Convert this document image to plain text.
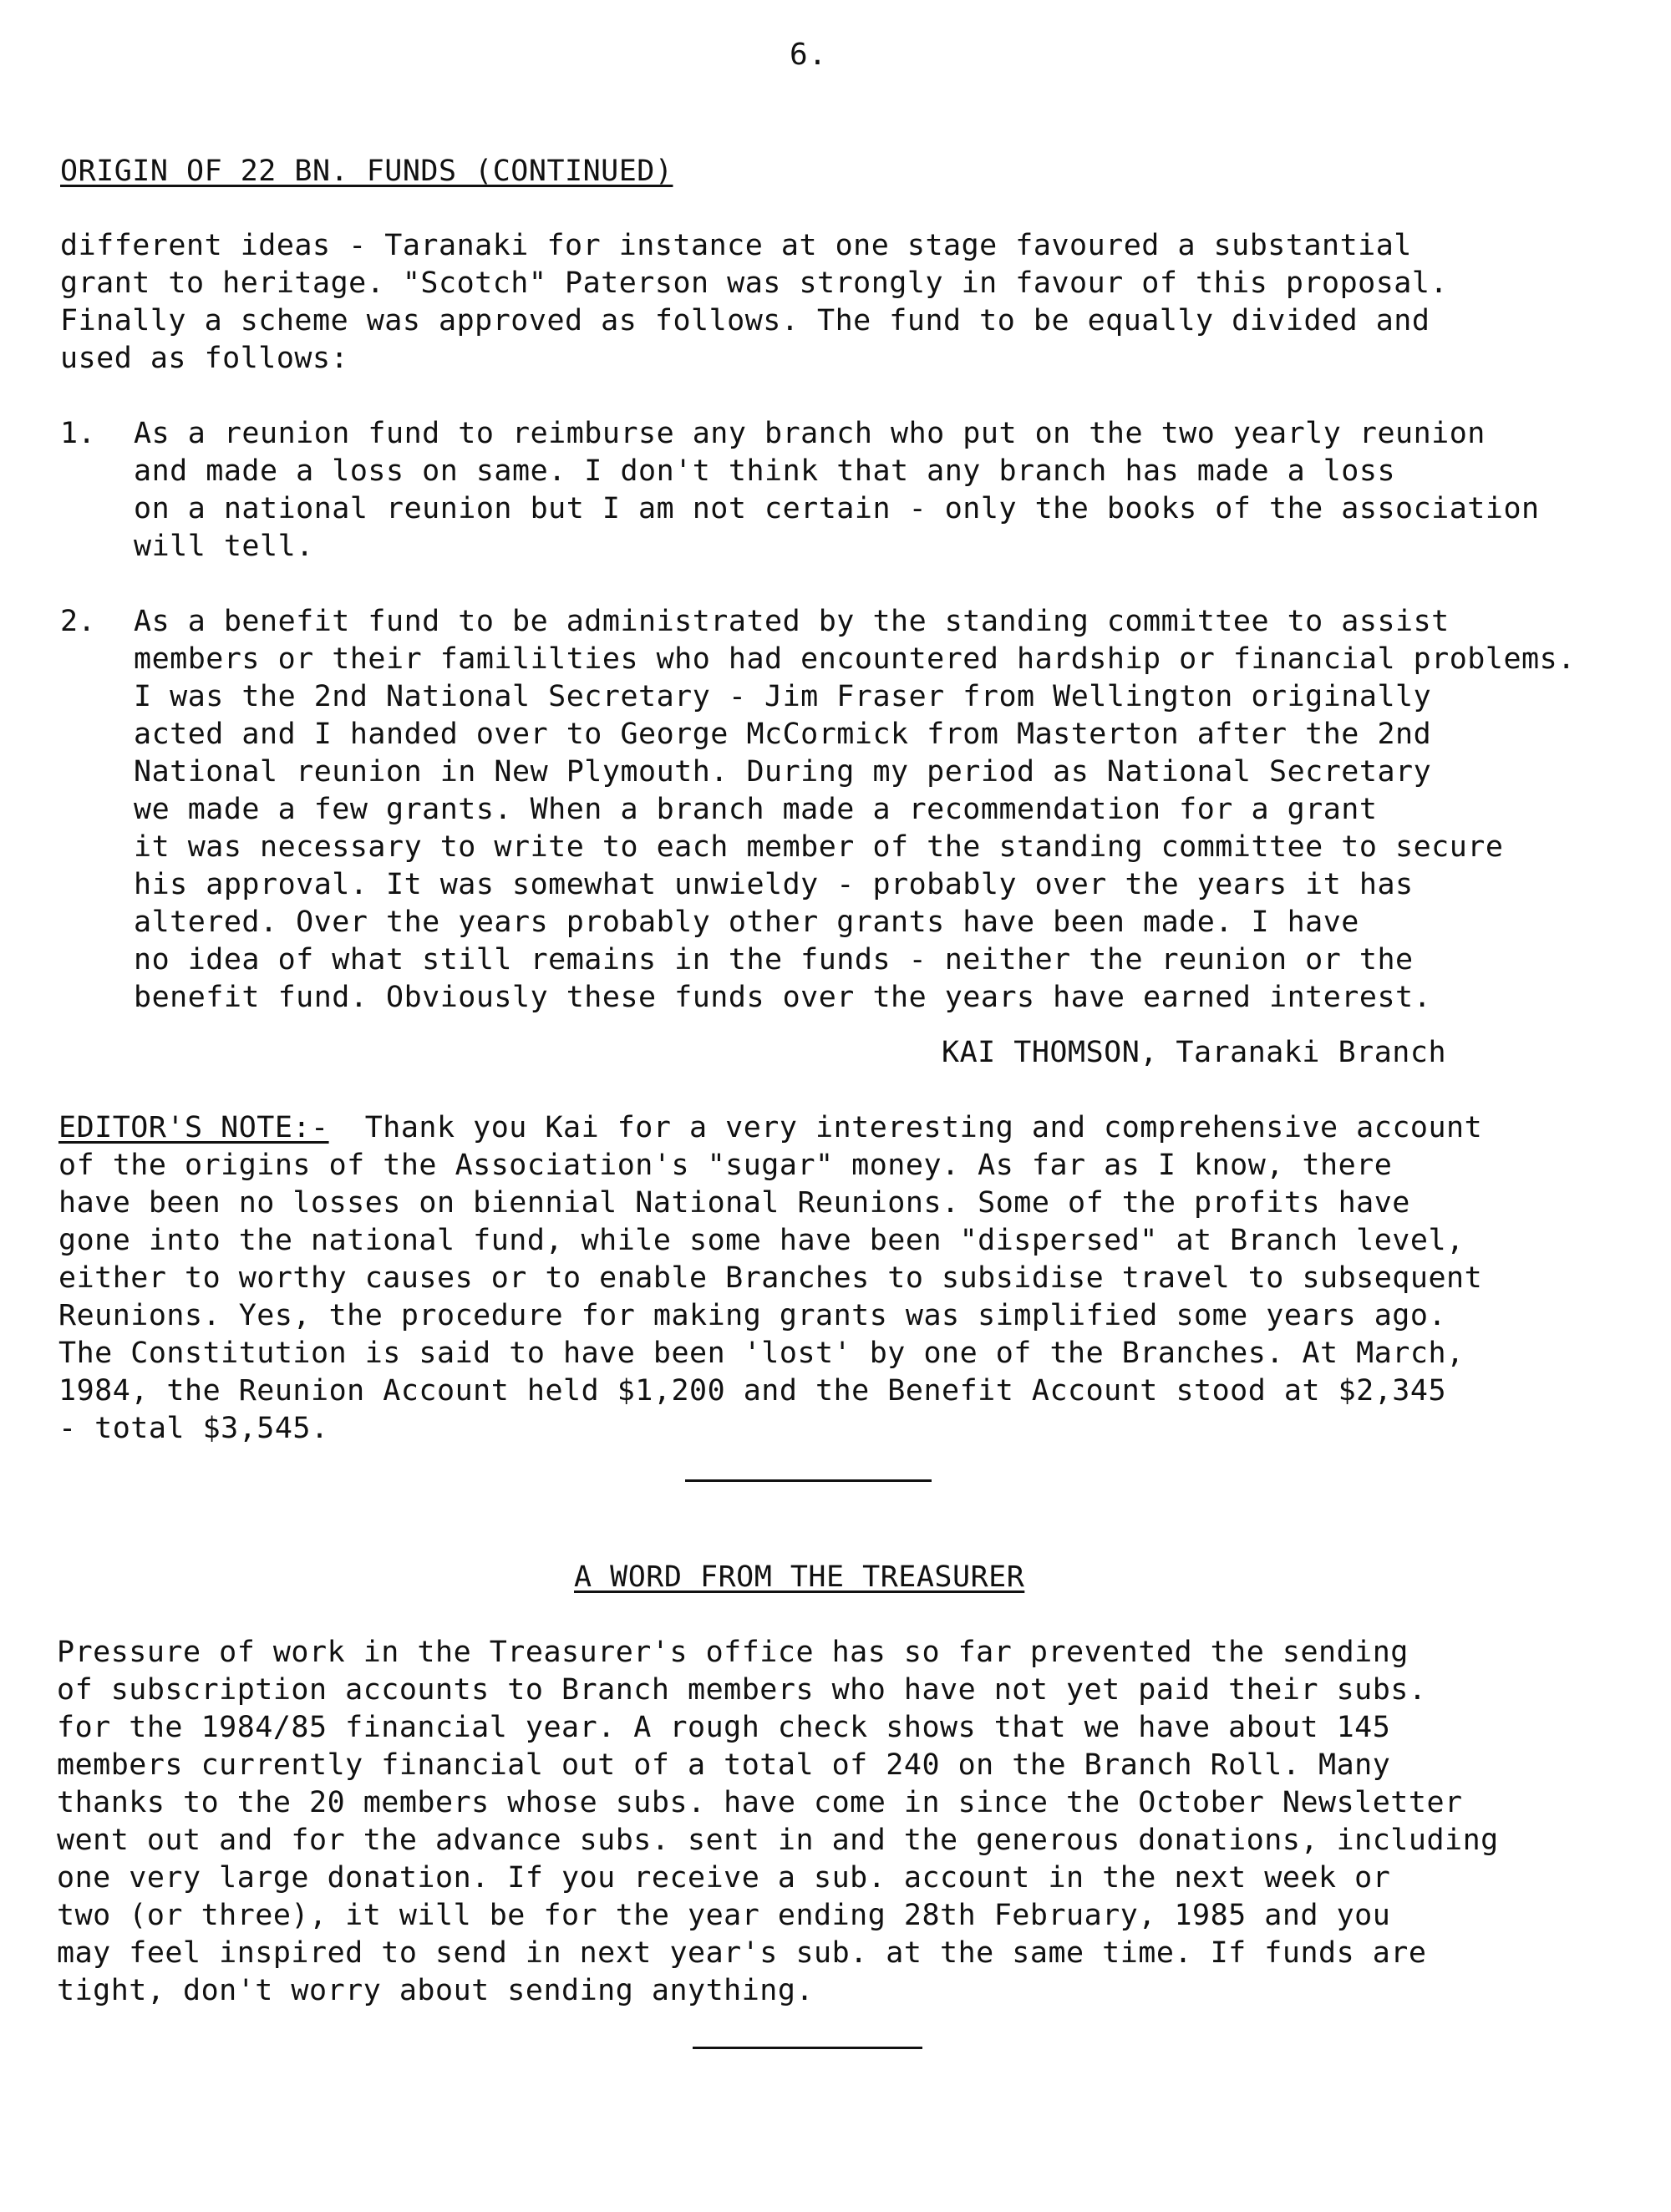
6.
ORIGIN OF 22 BN. FUNDS (CONTINUED)

different ideas - Taranaki for instance at one stage favoured a substantial
grant to heritage. "Scotch" Paterson was strongly in favour of this proposal.
Finally a scheme was approved as follows. The fund to be equally divided and
used as follows:

1. As a reunion fund to reimburse any branch who put on the two yearly reunion
and made a loss on same. I don't think that any branch has made a loss
on a national reunion but I am not certain - only the books of the association
will tell.

2. As a benefit fund to be administrated by the standing committee to assist
members or their famililties who had encountered hardship or financial problems.
I was the 2nd National Secretary - Jim Fraser from Wellington originally
acted and I handed over to George McCormick from Masterton after the 2nd
National reunion in New Plymouth. During my period as National Secretary
we made a few grants. When a branch made a recommendation for a grant
it was necessary to write to each member of the standing committee to secure
his approval. It was somewhat unwieldy - probably over the years it has
altered. Over the years probably other grants have been made. I have
no idea of what still remains in the funds - neither the reunion or the
benefit fund. Obviously these funds over the years have earned interest.

KAI THOMSON, Taranaki Branch
EDITOR'S NOTE:-  Thank you Kai for a very interesting and comprehensive account

of the origins of the Association's "sugar" money. As far as I know, there
have been no losses on biennial National Reunions. Some of the profits have
gone into the national fund, while some have been "dispersed" at Branch level,
either to worthy causes or to enable Branches to subsidise travel to subsequent
Reunions. Yes, the procedure for making grants was simplified some years ago.
The Constitution is said to have been 'lost' by one of the Branches. At March,
1984, the Reunion Account held $1,200 and the Benefit Account stood at $2,345
- total $3,545.

A WORD FROM THE TREASURER

Pressure of work in the Treasurer's office has so far prevented the sending
of subscription accounts to Branch members who have not yet paid their subs.
for the 1984/85 financial year. A rough check shows that we have about 145
members currently financial out of a total of 240 on the Branch Roll. Many
thanks to the 20 members whose subs. have come in since the October Newsletter
went out and for the advance subs. sent in and the generous donations, including
one very large donation. If you receive a sub. account in the next week or
two (or three), it will be for the year ending 28th February, 1985 and you
may feel inspired to send in next year's sub. at the same time. If funds are
tight, don't worry about sending anything.
